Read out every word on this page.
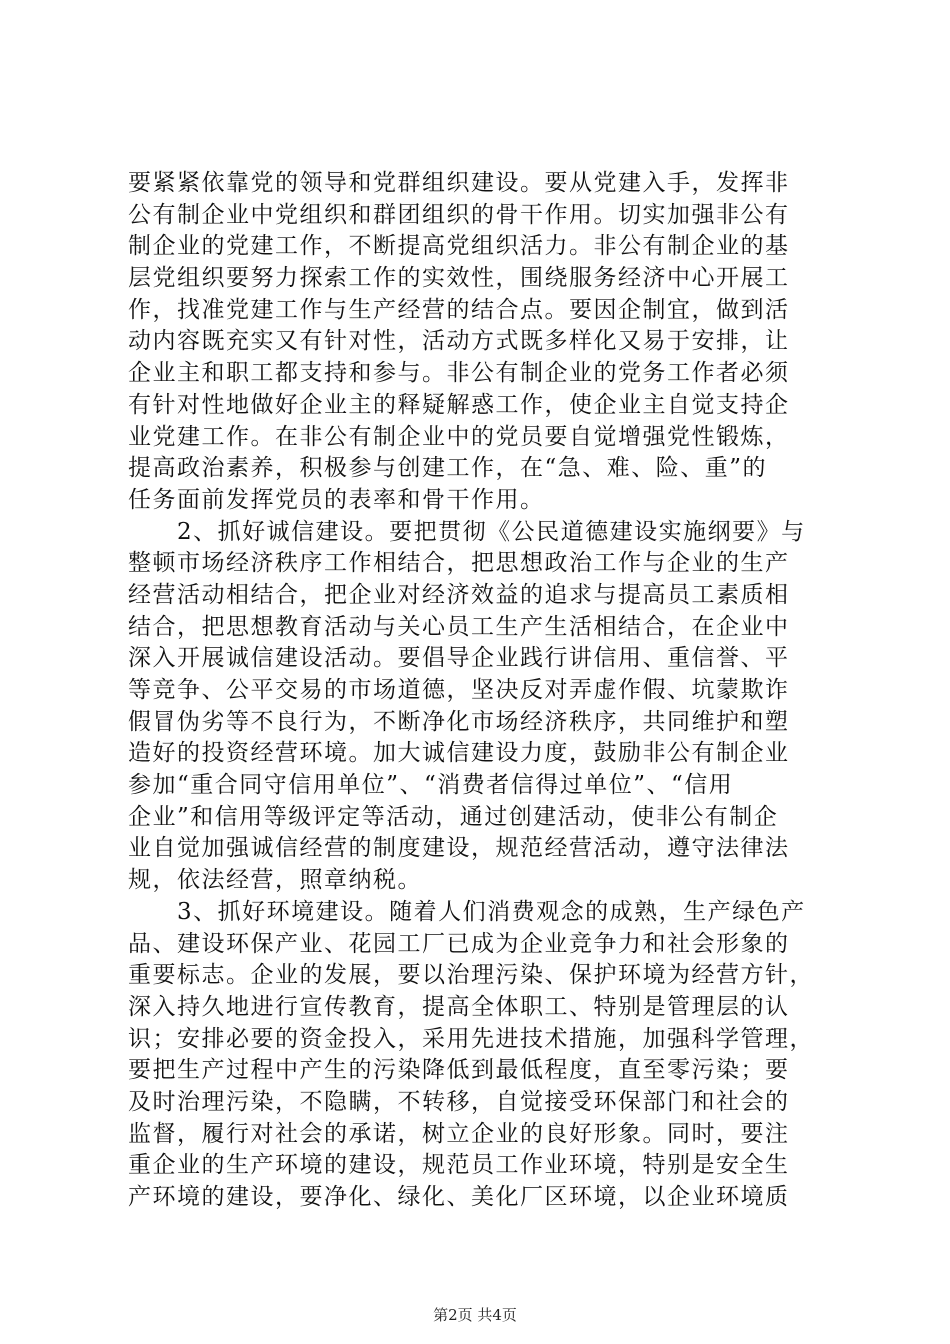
要紧紧依靠党的领导和党群组织建设。要从党建入手，发挥非
公有制企业中党组织和群团组织的骨干作用。切实加强非公有
制企业的党建工作，不断提高党组织活力。非公有制企业的基
层党组织要努力探索工作的实效性，围绕服务经济中心开展工
作，找准党建工作与生产经营的结合点。要因企制宜，做到活
动内容既充实又有针对性，活动方式既多样化又易于安排，让
企业主和职工都支持和参与。非公有制企业的党务工作者必须
有针对性地做好企业主的释疑解惑工作，使企业主自觉支持企
业党建工作。在非公有制企业中的党员要自觉增强党性锻炼，
提高政治素养，积极参与创建工作，在“急、难、险、重”的
任务面前发挥党员的表率和骨干作用。
　　2、抓好诚信建设。要把贯彻《公民道德建设实施纲要》与
整顿市场经济秩序工作相结合，把思想政治工作与企业的生产
经营活动相结合，把企业对经济效益的追求与提高员工素质相
结合，把思想教育活动与关心员工生产生活相结合，在企业中
深入开展诚信建设活动。要倡导企业践行讲信用、重信誉、平
等竞争、公平交易的市场道德，坚决反对弄虚作假、坑蒙欺诈
假冒伪劣等不良行为，不断净化市场经济秩序，共同维护和塑
造好的投资经营环境。加大诚信建设力度，鼓励非公有制企业
参加“重合同守信用单位”、“消费者信得过单位”、“信用
企业”和信用等级评定等活动，通过创建活动，使非公有制企
业自觉加强诚信经营的制度建设，规范经营活动，遵守法律法
规，依法经营，照章纳税。
　　3、抓好环境建设。随着人们消费观念的成熟，生产绿色产
品、建设环保产业、花园工厂已成为企业竞争力和社会形象的
重要标志。企业的发展，要以治理污染、保护环境为经营方针，
深入持久地进行宣传教育，提高全体职工、特别是管理层的认
识；安排必要的资金投入，采用先进技术措施，加强科学管理，
要把生产过程中产生的污染降低到最低程度，直至零污染；要
及时治理污染，不隐瞒，不转移，自觉接受环保部门和社会的
监督，履行对社会的承诺，树立企业的良好形象。同时，要注
重企业的生产环境的建设，规范员工作业环境，特别是安全生
产环境的建设，要净化、绿化、美化厂区环境，以企业环境质
第2页 共4页
